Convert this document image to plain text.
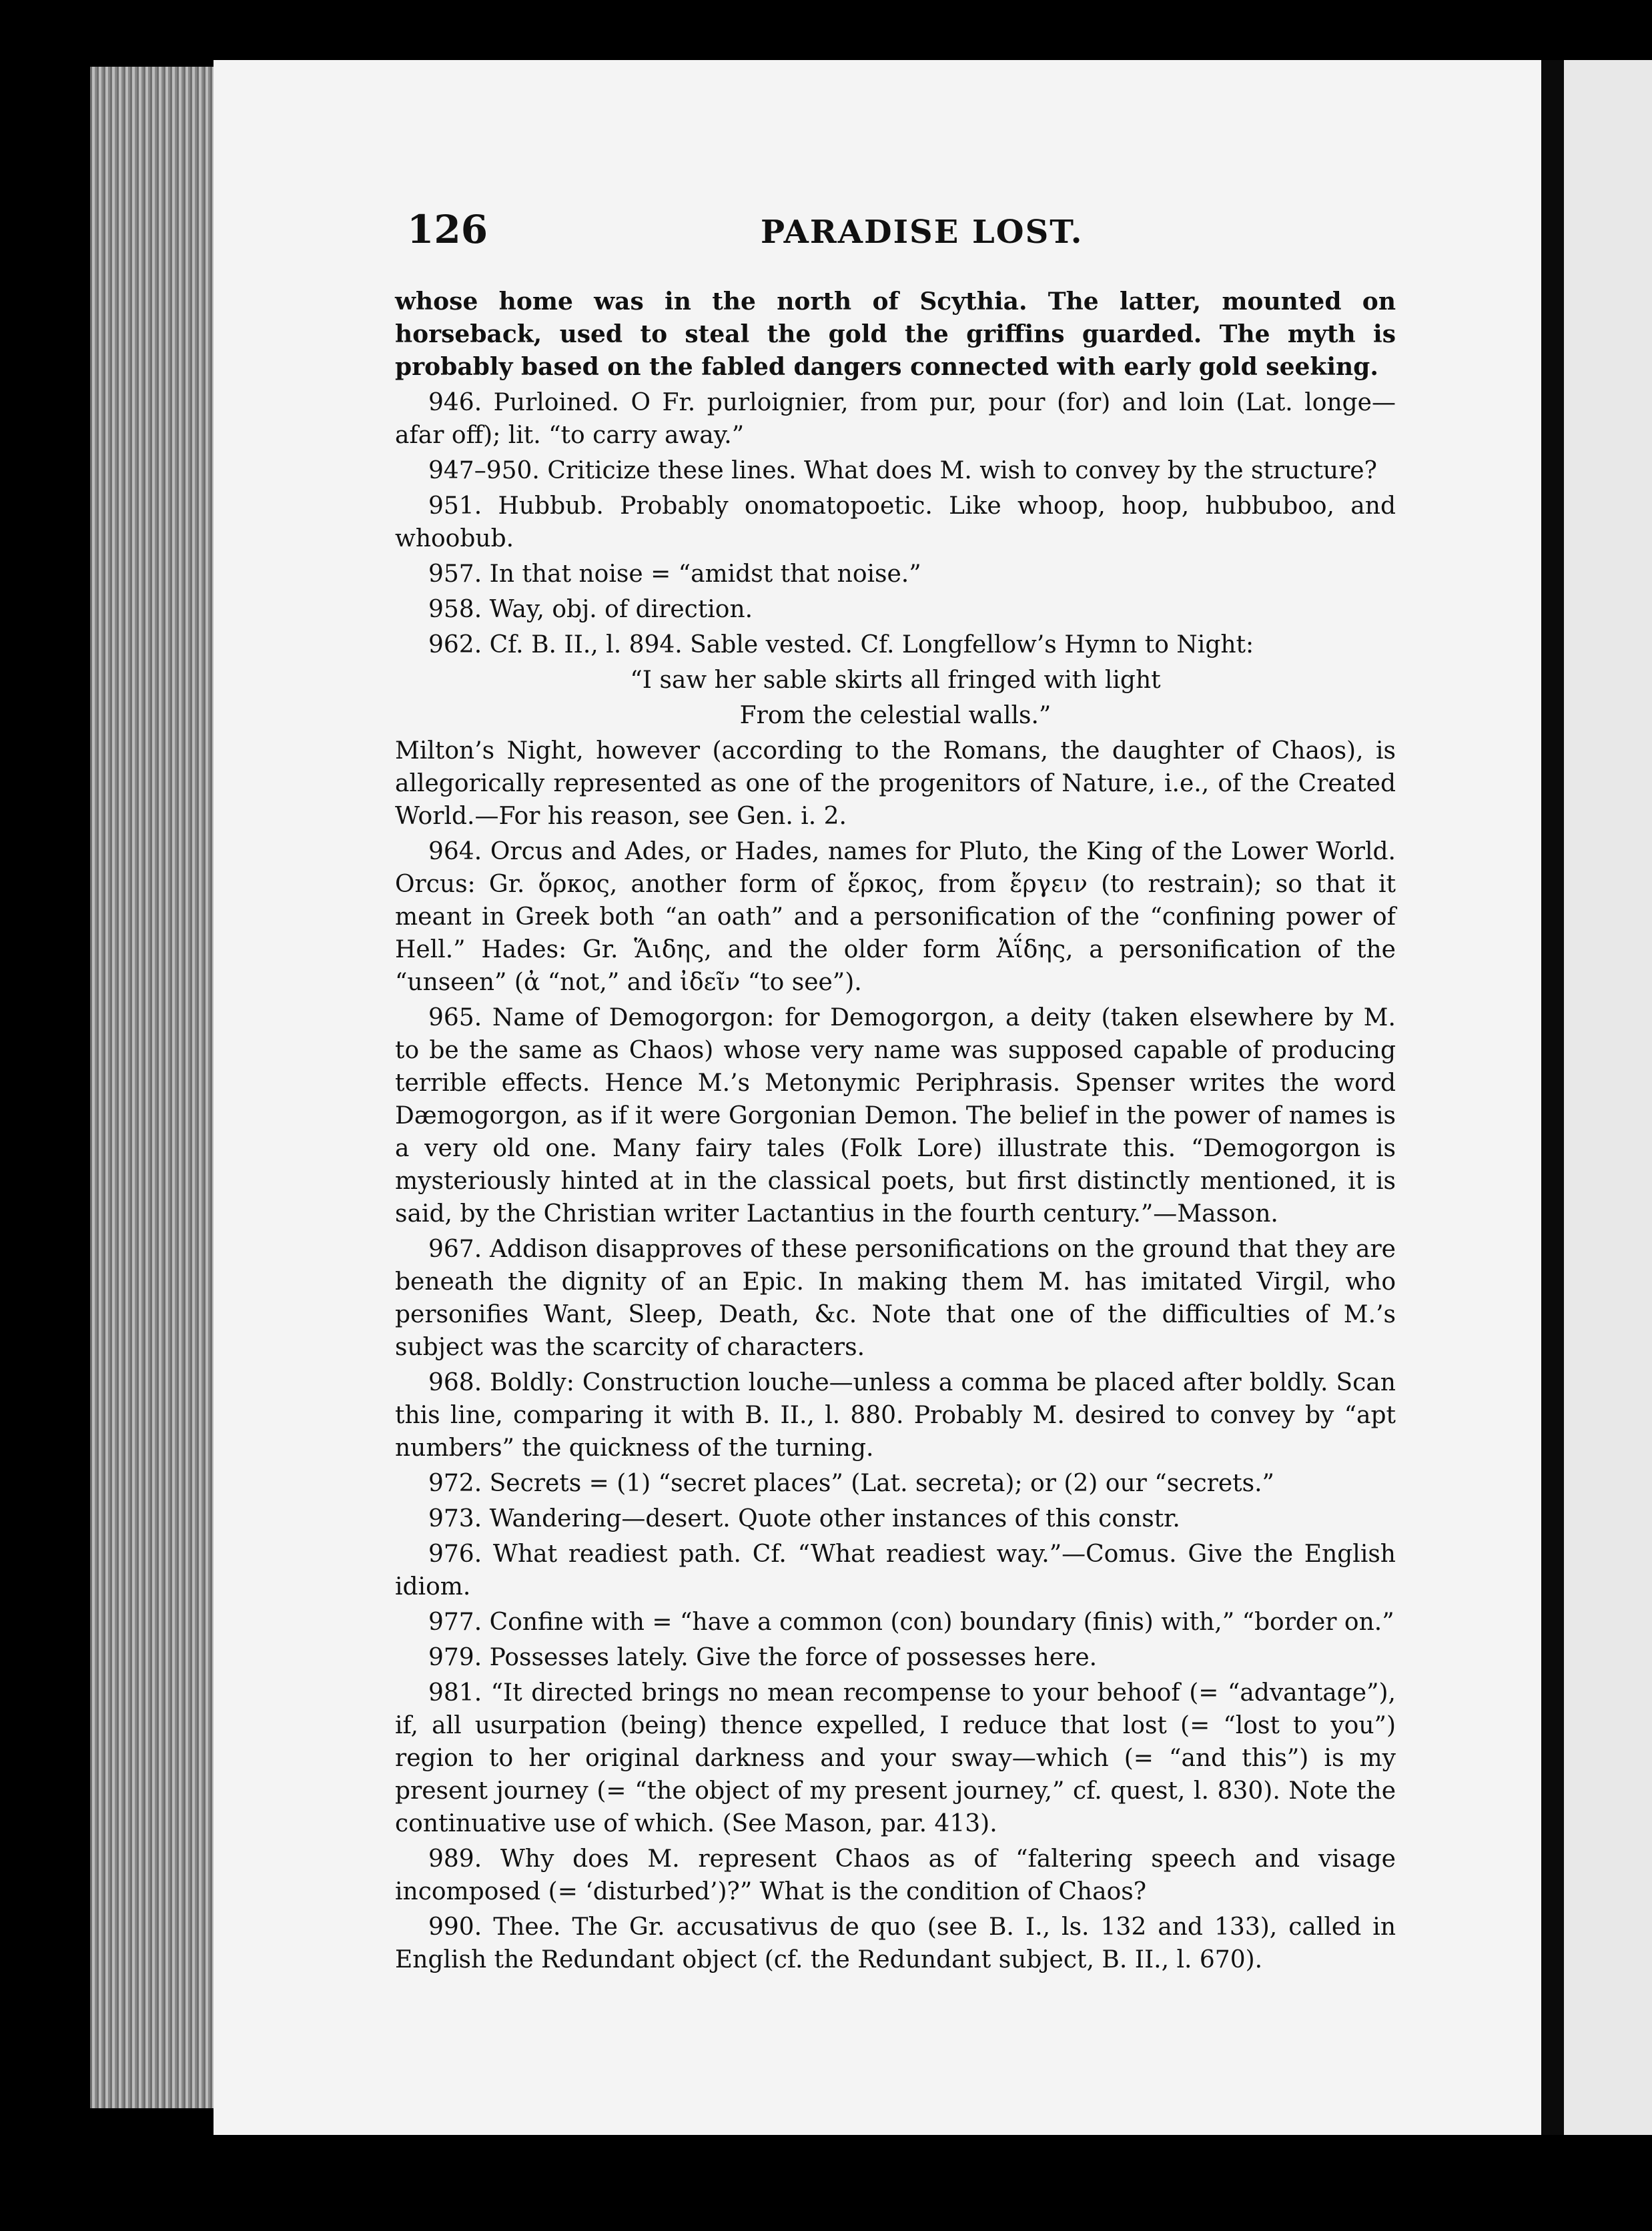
126	PARADISE LOST.

whose home was in the north of Scythia. The latter, mounted on horseback, used to steal the gold the griffins guarded. The myth is probably based on the fabled dangers connected with early gold seeking.

946. Purloined. O Fr. purloignier, from pur, pour (for) and loin (Lat. longe—afar off); lit. “to carry away.”

947–950. Criticize these lines. What does M. wish to convey by the structure?

951. Hubbub. Probably onomatopoetic. Like whoop, hoop, hubbuboo, and whoobub.

957. In that noise = “amidst that noise.”

958. Way, obj. of direction.

962. Cf. B. II., l. 894. Sable vested. Cf. Longfellow’s Hymn to Night:

“I saw her sable skirts all fringed with light

From the celestial walls.”

Milton’s Night, however (according to the Romans, the daughter of Chaos), is allegorically represented as one of the progenitors of Nature, i.e., of the Created World.—For his reason, see Gen. i. 2.

964. Orcus and Ades, or Hades, names for Pluto, the King of the Lower World. Orcus: Gr. ὅρκος, another form of ἕρκος, from ἔργειν (to restrain); so that it meant in Greek both “an oath” and a personification of the “confining power of Hell.” Hades: Gr. Ἅιδης, and the older form Ἀΐδης, a personification of the “unseen” (ἀ “not,” and ἰδεῖν “to see”).

965. Name of Demogorgon: for Demogorgon, a deity (taken elsewhere by M. to be the same as Chaos) whose very name was supposed capable of producing terrible effects. Hence M.’s Metonymic Periphrasis. Spenser writes the word Dæmogorgon, as if it were Gorgonian Demon. The belief in the power of names is a very old one. Many fairy tales (Folk Lore) illustrate this. “Demogorgon is mysteriously hinted at in the classical poets, but first distinctly mentioned, it is said, by the Christian writer Lactantius in the fourth century.”—Masson.

967. Addison disapproves of these personifications on the ground that they are beneath the dignity of an Epic. In making them M. has imitated Virgil, who personifies Want, Sleep, Death, &c. Note that one of the difficulties of M.’s subject was the scarcity of characters.

968. Boldly: Construction louche—unless a comma be placed after boldly. Scan this line, comparing it with B. II., l. 880. Probably M. desired to convey by “apt numbers” the quickness of the turning.

972. Secrets = (1) “secret places” (Lat. secreta); or (2) our “secrets.”

973. Wandering—desert. Quote other instances of this constr.

976. What readiest path. Cf. “What readiest way.”—Comus. Give the English idiom.

977. Confine with = “have a common (con) boundary (finis) with,” “border on.”

979. Possesses lately. Give the force of possesses here.

981. “It directed brings no mean recompense to your behoof (= “advantage”), if, all usurpation (being) thence expelled, I reduce that lost (= “lost to you”) region to her original darkness and your sway—which (= “and this”) is my present journey (= “the object of my present journey,” cf. quest, l. 830). Note the continuative use of which. (See Mason, par. 413).

989. Why does M. represent Chaos as of “faltering speech and visage incomposed (= ‘disturbed’)?” What is the condition of Chaos?

990. Thee. The Gr. accusativus de quo (see B. I., ls. 132 and 133), called in English the Redundant object (cf. the Redundant subject, B. II., l. 670).
